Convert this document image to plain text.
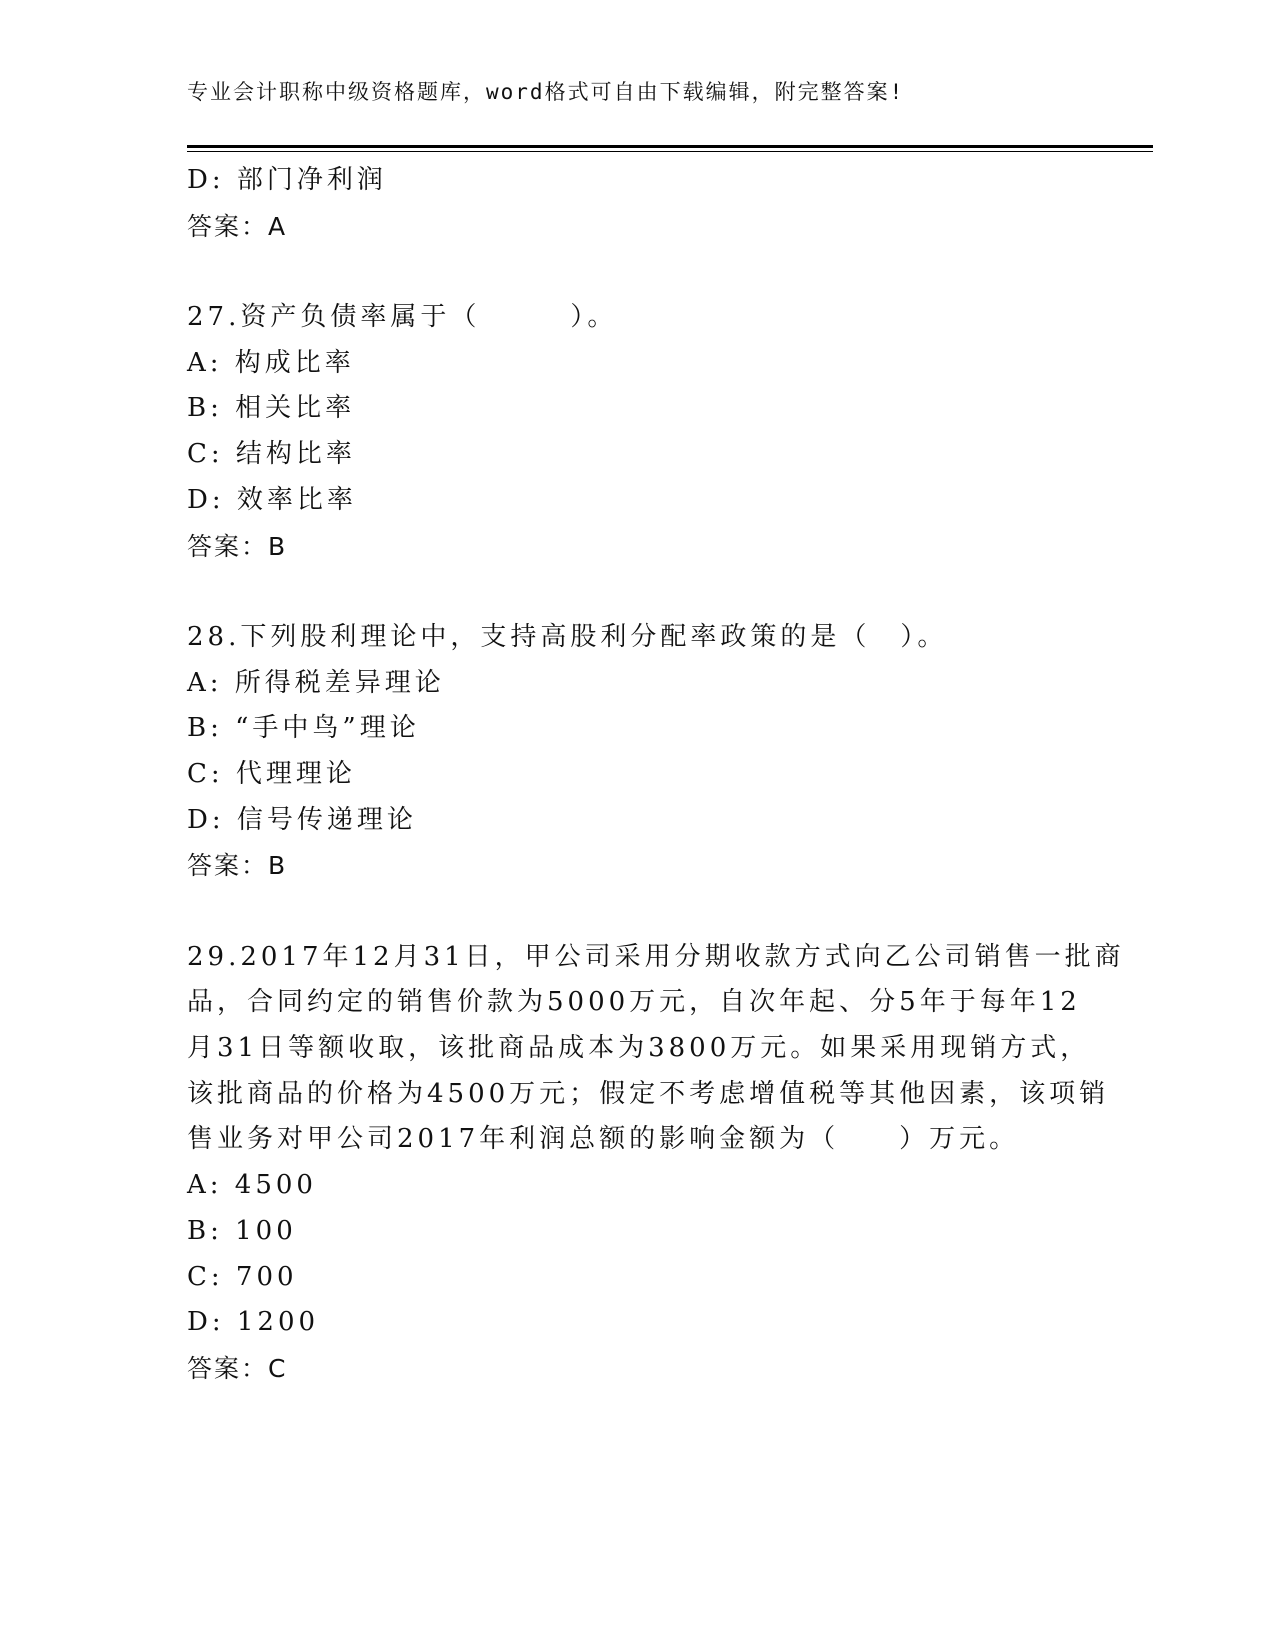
专业会计职称中级资格题库，word格式可自由下载编辑，附完整答案!
D: 部门净利润
答案：A
27.资产负债率属于（　　　）。
A: 构成比率
B: 相关比率
C: 结构比率
D: 效率比率
答案：B
28.下列股利理论中，支持高股利分配率政策的是（　）。
A: 所得税差异理论
B: “手中鸟”理论
C: 代理理论
D: 信号传递理论
答案：B
29.2017年12月31日，甲公司采用分期收款方式向乙公司销售一批商
品，合同约定的销售价款为5000万元，自次年起、分5年于每年12
月31日等额收取，该批商品成本为3800万元。如果采用现销方式，
该批商品的价格为4500万元；假定不考虑增值税等其他因素，该项销
售业务对甲公司2017年利润总额的影响金额为（　　）万元。
A: 4500
B: 100
C: 700
D: 1200
答案：C
